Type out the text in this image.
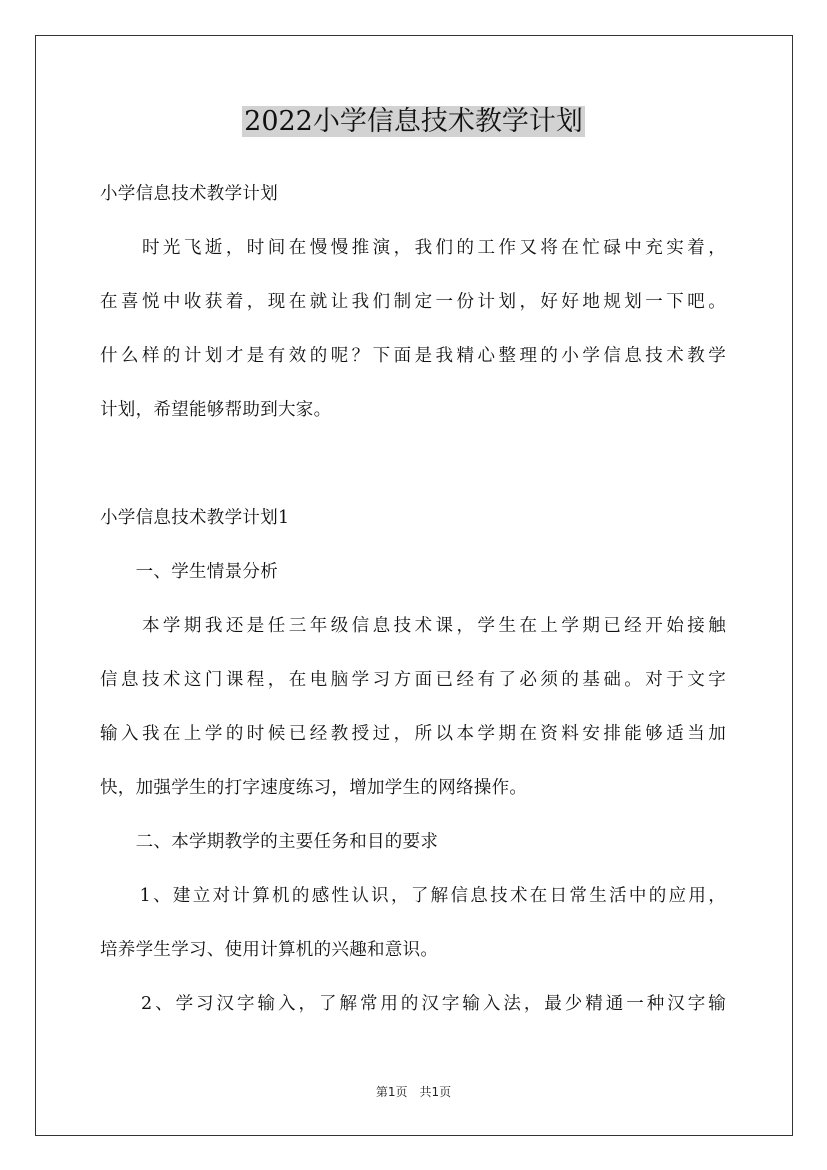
2022小学信息技术教学计划
小学信息技术教学计划
　　时光飞逝，时间在慢慢推演，我们的工作又将在忙碌中充实着，
在喜悦中收获着，现在就让我们制定一份计划，好好地规划一下吧。
什么样的计划才是有效的呢？下面是我精心整理的小学信息技术教学
计划，希望能够帮助到大家。
小学信息技术教学计划1
　　一、学生情景分析
　　本学期我还是任三年级信息技术课，学生在上学期已经开始接触
信息技术这门课程，在电脑学习方面已经有了必须的基础。对于文字
输入我在上学的时候已经教授过，所以本学期在资料安排能够适当加
快，加强学生的打字速度练习，增加学生的网络操作。
　　二、本学期教学的主要任务和目的要求
　　1、建立对计算机的感性认识，了解信息技术在日常生活中的应用，
培养学生学习、使用计算机的兴趣和意识。
　　2、学习汉字输入，了解常用的汉字输入法，最少精通一种汉字输
第1页　共1页
